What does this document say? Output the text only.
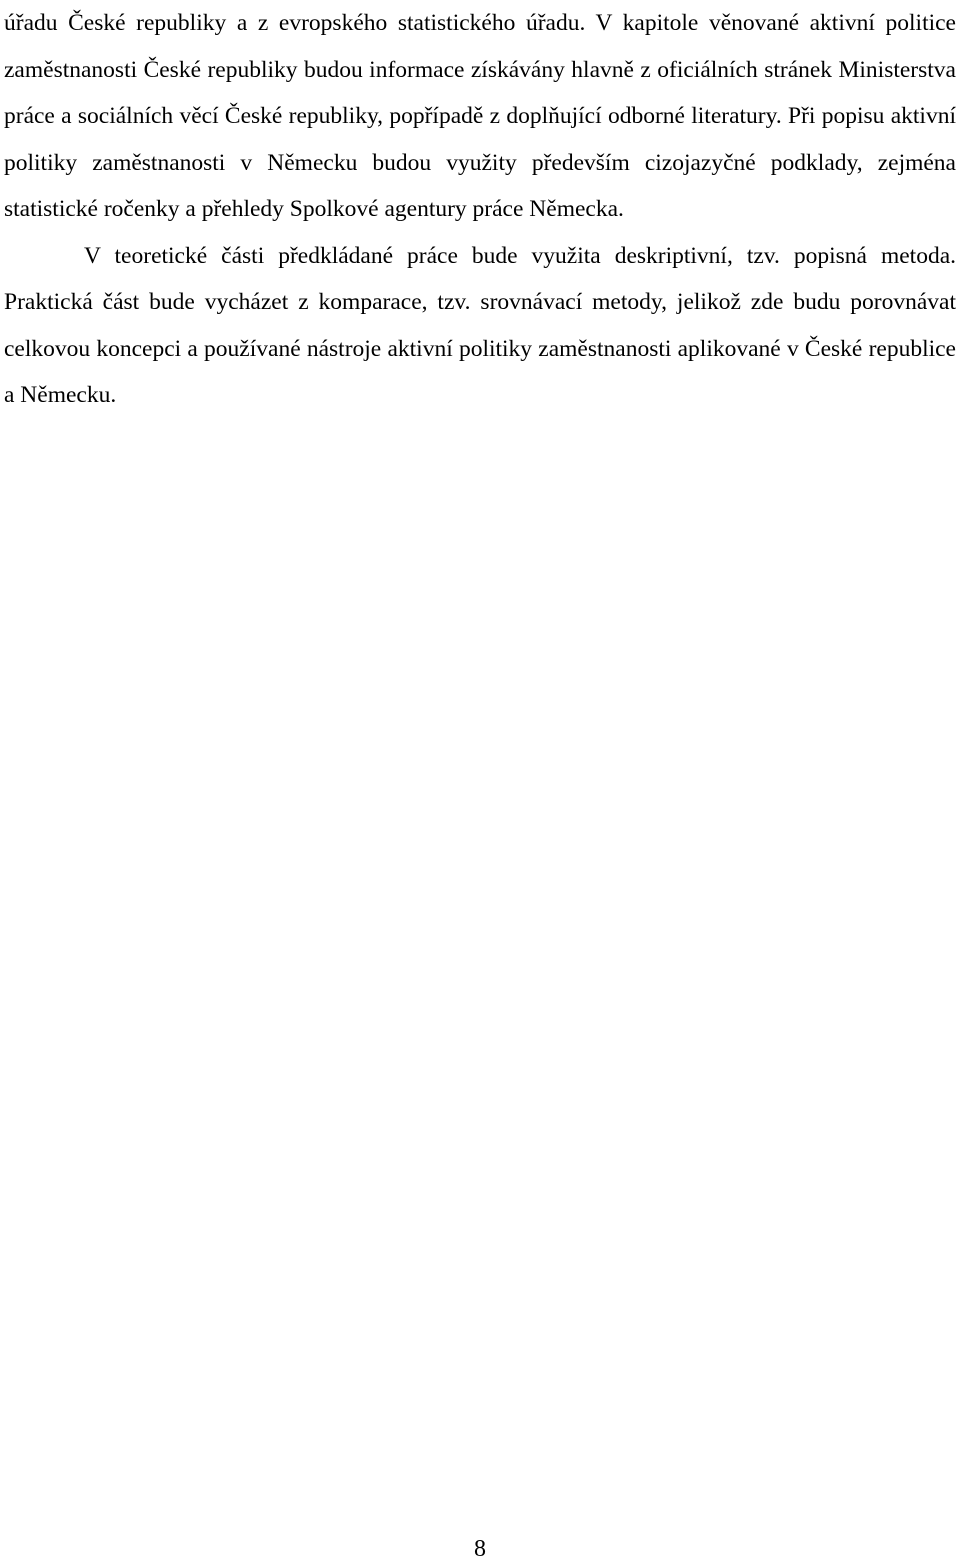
úřadu České republiky a z evropského statistického úřadu. V kapitole věnované aktivní politice zaměstnanosti České republiky budou informace získávány hlavně z oficiálních stránek Ministerstva práce a sociálních věcí České republiky, popřípadě z doplňující odborné literatury. Při popisu aktivní politiky zaměstnanosti v Německu budou využity především cizojazyčné podklady, zejména statistické ročenky a přehledy Spolkové agentury práce Německa.

V teoretické části předkládané práce bude využita deskriptivní, tzv. popisná metoda. Praktická část bude vycházet z komparace, tzv. srovnávací metody, jelikož zde budu porovnávat celkovou koncepci a používané nástroje aktivní politiky zaměstnanosti aplikované v České republice a Německu.

8
